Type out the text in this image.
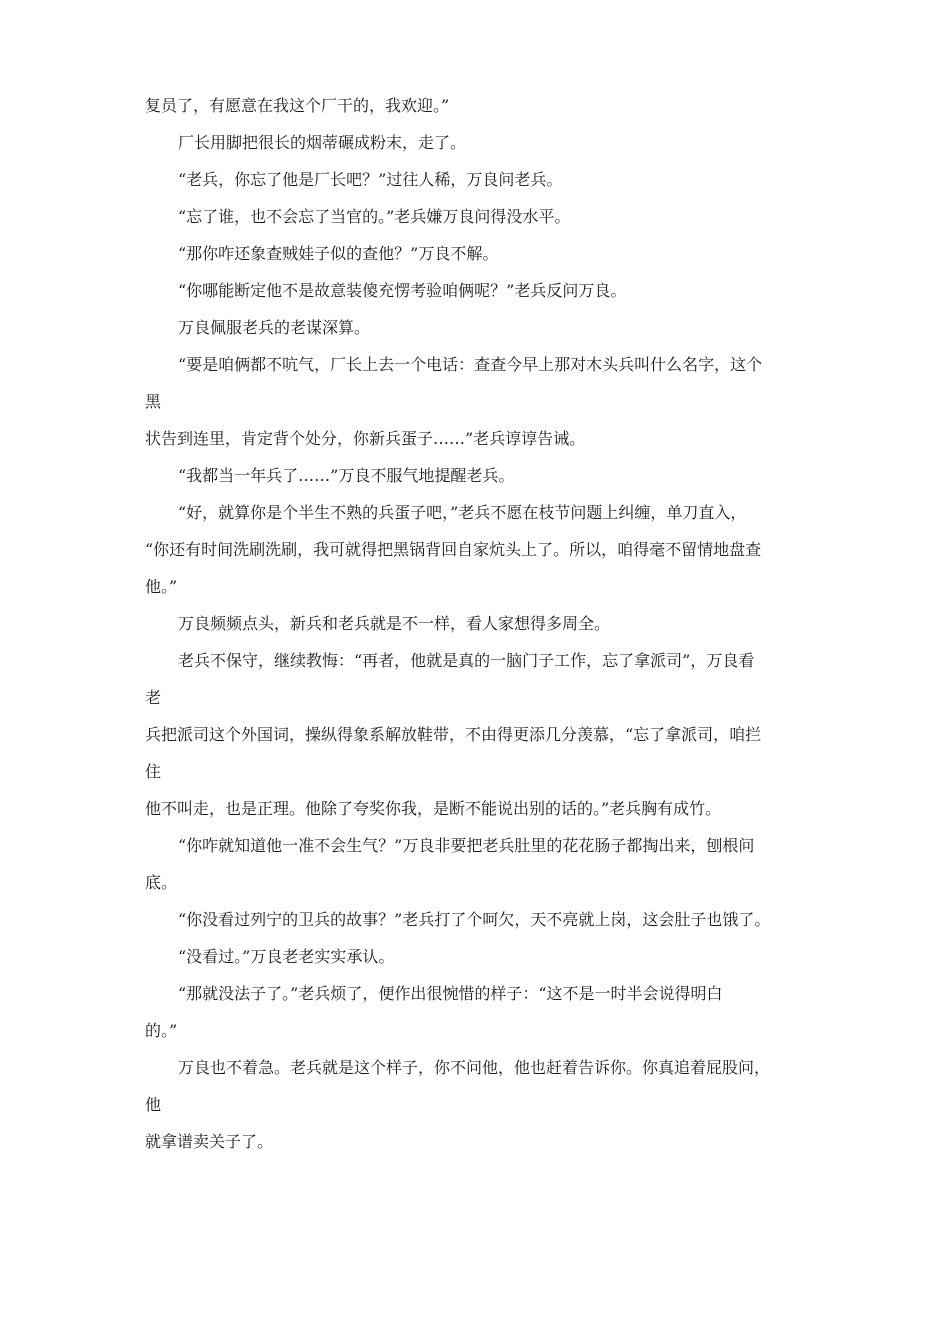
复员了，有愿意在我这个厂干的，我欢迎。”

厂长用脚把很长的烟蒂碾成粉末，走了。

“老兵，你忘了他是厂长吧？”过往人稀，万良问老兵。

“忘了谁，也不会忘了当官的。”老兵嫌万良问得没水平。

“那你咋还象查贼娃子似的查他？”万良不解。

“你哪能断定他不是故意装傻充愣考验咱俩呢？”老兵反问万良。

万良佩服老兵的老谋深算。

“要是咱俩都不吭气，厂长上去一个电话：查查今早上那对木头兵叫什么名字，这个

黑

状告到连里，肯定背个处分，你新兵蛋子……”老兵谆谆告诫。

“我都当一年兵了……”万良不服气地提醒老兵。

“好，就算你是个半生不熟的兵蛋子吧，”老兵不愿在枝节问题上纠缠，单刀直入，

“你还有时间洗刷洗刷，我可就得把黑锅背回自家炕头上了。所以，咱得毫不留情地盘查

他。”

万良频频点头，新兵和老兵就是不一样，看人家想得多周全。

老兵不保守，继续教悔：“再者，他就是真的一脑门子工作，忘了拿派司”，万良看

老

兵把派司这个外国词，操纵得象系解放鞋带，不由得更添几分羡慕，“忘了拿派司，咱拦

住

他不叫走，也是正理。他除了夸奖你我，是断不能说出别的话的。”老兵胸有成竹。

“你咋就知道他一准不会生气？”万良非要把老兵肚里的花花肠子都掏出来，刨根问

底。

“你没看过列宁的卫兵的故事？”老兵打了个呵欠，天不亮就上岗，这会肚子也饿了。

“没看过。”万良老老实实承认。

“那就没法子了。”老兵烦了，便作出很惋惜的样子：“这不是一时半会说得明白

的。”

万良也不着急。老兵就是这个样子，你不问他，他也赶着告诉你。你真追着屁股问，

他

就拿谱卖关子了。
